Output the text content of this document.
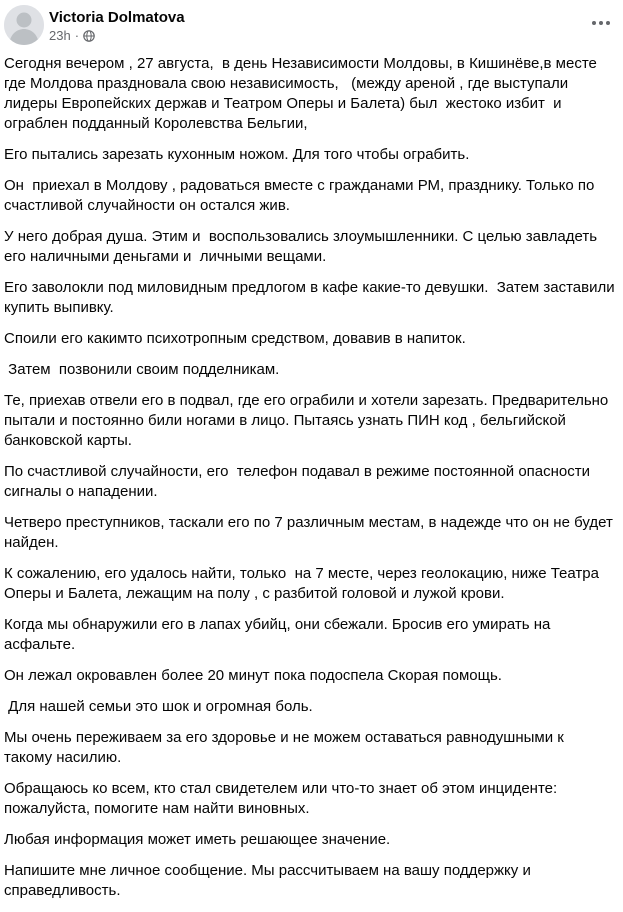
Victoria Dolmatova
23h ·

Сегодня вечером , 27 августа,  в день Независимости Молдовы, в Кишинёве,в месте где Молдова праздновала свою независимость,   (между ареной , где выступали лидеры Европейских держав и Театром Оперы и Балета) был  жестоко избит  и ограблен подданный Королевства Бельгии,

Его пытались зарезать кухонным ножом. Для того чтобы ограбить.

Он  приехал в Молдову , радоваться вместе с гражданами РМ, празднику. Только по счастливой случайности он остался жив.

У него добрая душа. Этим и  воспользовались злоумышленники. С целью завладеть его наличными деньгами и  личными вещами.

Его заволокли под миловидным предлогом в кафе какие-то девушки.  Затем заставили купить выпивку.

Споили его какимто психотропным средством, довавив в напиток.

Затем  позвонили своим подделникам.

Те, приехав отвели его в подвал, где его ограбили и хотели зарезать. Предварительно пытали и постоянно били ногами в лицо. Пытаясь узнать ПИН код , бельгийской банковской карты.

По счастливой случайности, его  телефон подавал в режиме постоянной опасности сигналы о нападении.

Четверо преступников, таскали его по 7 различным местам, в надежде что он не будет найден.

К сожалению, его удалось найти, только  на 7 месте, через геолокацию, ниже Театра Оперы и Балета, лежащим на полу , с разбитой головой и лужой крови.

Когда мы обнаружили его в лапах убийц, они сбежали. Бросив его умирать на асфальте.

Он лежал окровавлен более 20 минут пока подоспела Скорая помощь.

Для нашей семьи это шок и огромная боль.

Мы очень переживаем за его здоровье и не можем оставаться равнодушными к такому насилию.

Обращаюсь ко всем, кто стал свидетелем или что-то знает об этом инциденте: пожалуйста, помогите нам найти виновных.

Любая информация может иметь решающее значение.

Напишите мне личное сообщение. Мы рассчитываем на вашу поддержку и справедливость.
